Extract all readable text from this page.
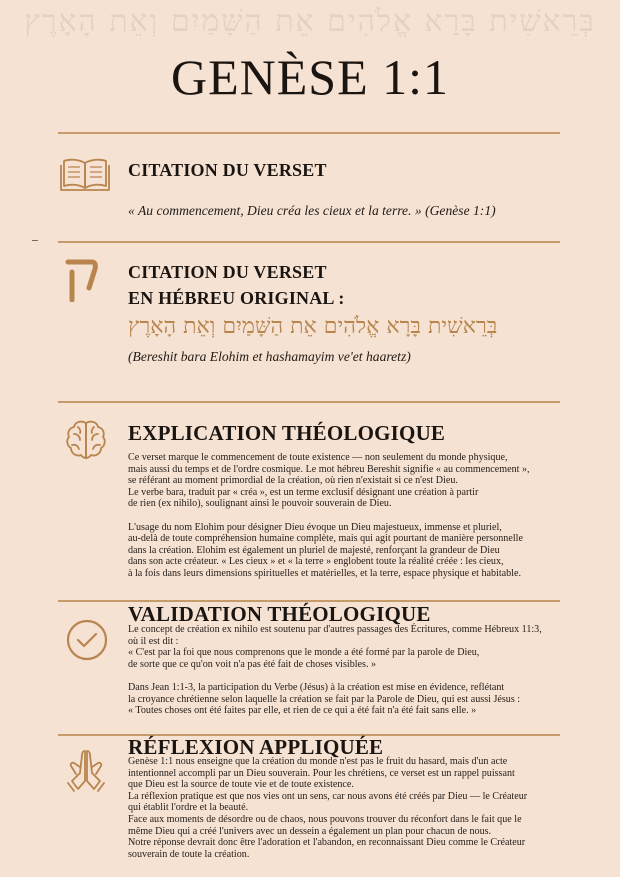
בְּרֵאשִׁית בָּרָא אֱלֹהִים אֵת הַשָּׁמַיִם וְאֵת הָאָרֶץ
GENÈSE 1:1
CITATION DU VERSET
« Au commencement, Dieu créa les cieux et la terre. » (Genèse 1:1)
CITATION DU VERSET
EN HÉBREU ORIGINAL :
בְּרֵאשִׁית בָּרָא אֱלֹהִים אֵת הַשָּׁמַיִם וְאֵת הָאָרֶץ
(Bereshit bara Elohim et hashamayim ve'et haaretz)
EXPLICATION THÉOLOGIQUE
Ce verset marque le commencement de toute existence — non seulement du monde physique,
mais aussi du temps et de l'ordre cosmique. Le mot hébreu Bereshit signifie « au commencement »,
se référant au moment primordial de la création, où rien n'existait si ce n'est Dieu.
Le verbe bara, traduit par « créa », est un terme exclusif désignant une création à partir
de rien (ex nihilo), soulignant ainsi le pouvoir souverain de Dieu.
L'usage du nom Elohim pour désigner Dieu évoque un Dieu majestueux, immense et pluriel,
au-delà de toute compréhension humaine complète, mais qui agit pourtant de manière personnelle
dans la création. Elohim est également un pluriel de majesté, renforçant la grandeur de Dieu
dans son acte créateur. « Les cieux » et « la terre » englobent toute la réalité créée : les cieux,
à la fois dans leurs dimensions spirituelles et matérielles, et la terre, espace physique et habitable.
VALIDATION THÉOLOGIQUE
Le concept de création ex nihilo est soutenu par d'autres passages des Écritures, comme Hébreux 11:3,
où il est dit :
« C'est par la foi que nous comprenons que le monde a été formé par la parole de Dieu,
de sorte que ce qu'on voit n'a pas été fait de choses visibles. »
Dans Jean 1:1-3, la participation du Verbe (Jésus) à la création est mise en évidence, reflétant
la croyance chrétienne selon laquelle la création se fait par la Parole de Dieu, qui est aussi Jésus :
« Toutes choses ont été faites par elle, et rien de ce qui a été fait n'a été fait sans elle. »
RÉFLEXION APPLIQUÉE
Genèse 1:1 nous enseigne que la création du monde n'est pas le fruit du hasard, mais d'un acte
intentionnel accompli par un Dieu souverain. Pour les chrétiens, ce verset est un rappel puissant
que Dieu est la source de toute vie et de toute existence.
La réflexion pratique est que nos vies ont un sens, car nous avons été créés par Dieu — le Créateur
qui établit l'ordre et la beauté.
Face aux moments de désordre ou de chaos, nous pouvons trouver du réconfort dans le fait que le
même Dieu qui a créé l'univers avec un dessein a également un plan pour chacun de nous.
Notre réponse devrait donc être l'adoration et l'abandon, en reconnaissant Dieu comme le Créateur
souverain de toute la création.
